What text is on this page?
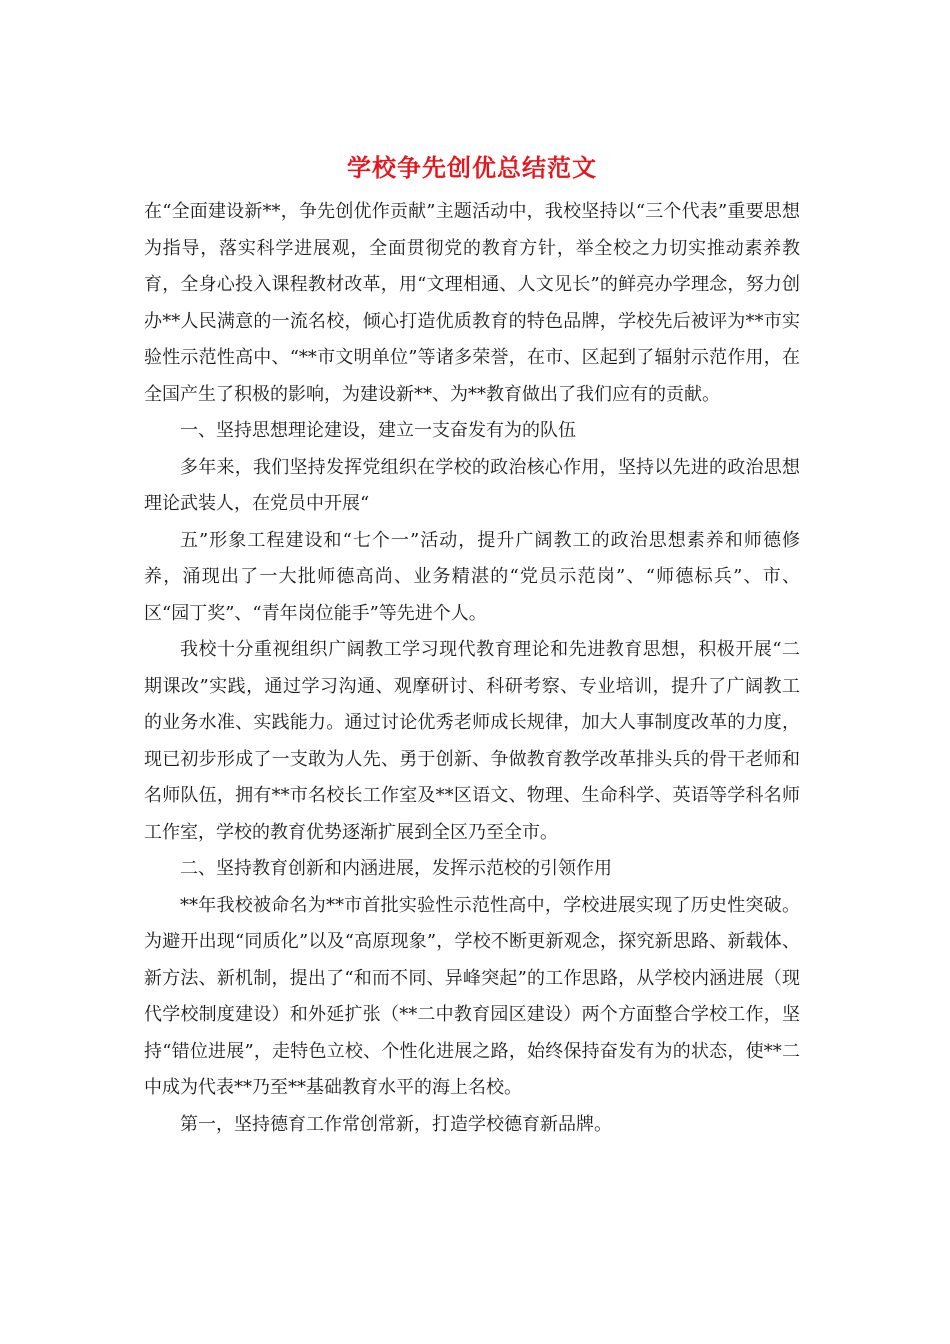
学校争先创优总结范文

在“全面建设新**，争先创优作贡献”主题活动中，我校坚持以“三个代表”重要思想为指导，落实科学进展观，全面贯彻党的教育方针，举全校之力切实推动素养教育，全身心投入课程教材改革，用“文理相通、人文见长”的鲜亮办学理念，努力创办**人民满意的一流名校，倾心打造优质教育的特色品牌，学校先后被评为**市实验性示范性高中、“**市文明单位”等诸多荣誉，在市、区起到了辐射示范作用，在全国产生了积极的影响，为建设新**、为**教育做出了我们应有的贡献。

一、坚持思想理论建设，建立一支奋发有为的队伍

多年来，我们坚持发挥党组织在学校的政治核心作用，坚持以先进的政治思想理论武装人，在党员中开展“

五”形象工程建设和“七个一”活动，提升广阔教工的政治思想素养和师德修养，涌现出了一大批师德高尚、业务精湛的“党员示范岗”、“师德标兵”、市、区“园丁奖”、“青年岗位能手”等先进个人。

我校十分重视组织广阔教工学习现代教育理论和先进教育思想，积极开展“二期课改”实践，通过学习沟通、观摩研讨、科研考察、专业培训，提升了广阔教工的业务水准、实践能力。通过讨论优秀老师成长规律，加大人事制度改革的力度，现已初步形成了一支敢为人先、勇于创新、争做教育教学改革排头兵的骨干老师和名师队伍，拥有**市名校长工作室及**区语文、物理、生命科学、英语等学科名师工作室，学校的教育优势逐渐扩展到全区乃至全市。

二、坚持教育创新和内涵进展，发挥示范校的引领作用

**年我校被命名为**市首批实验性示范性高中，学校进展实现了历史性突破。为避开出现“同质化”以及“高原现象”，学校不断更新观念，探究新思路、新载体、新方法、新机制，提出了“和而不同、异峰突起”的工作思路，从学校内涵进展（现代学校制度建设）和外延扩张（**二中教育园区建设）两个方面整合学校工作，坚持“错位进展”，走特色立校、个性化进展之路，始终保持奋发有为的状态，使**二中成为代表**乃至**基础教育水平的海上名校。

第一，坚持德育工作常创常新，打造学校德育新品牌。
